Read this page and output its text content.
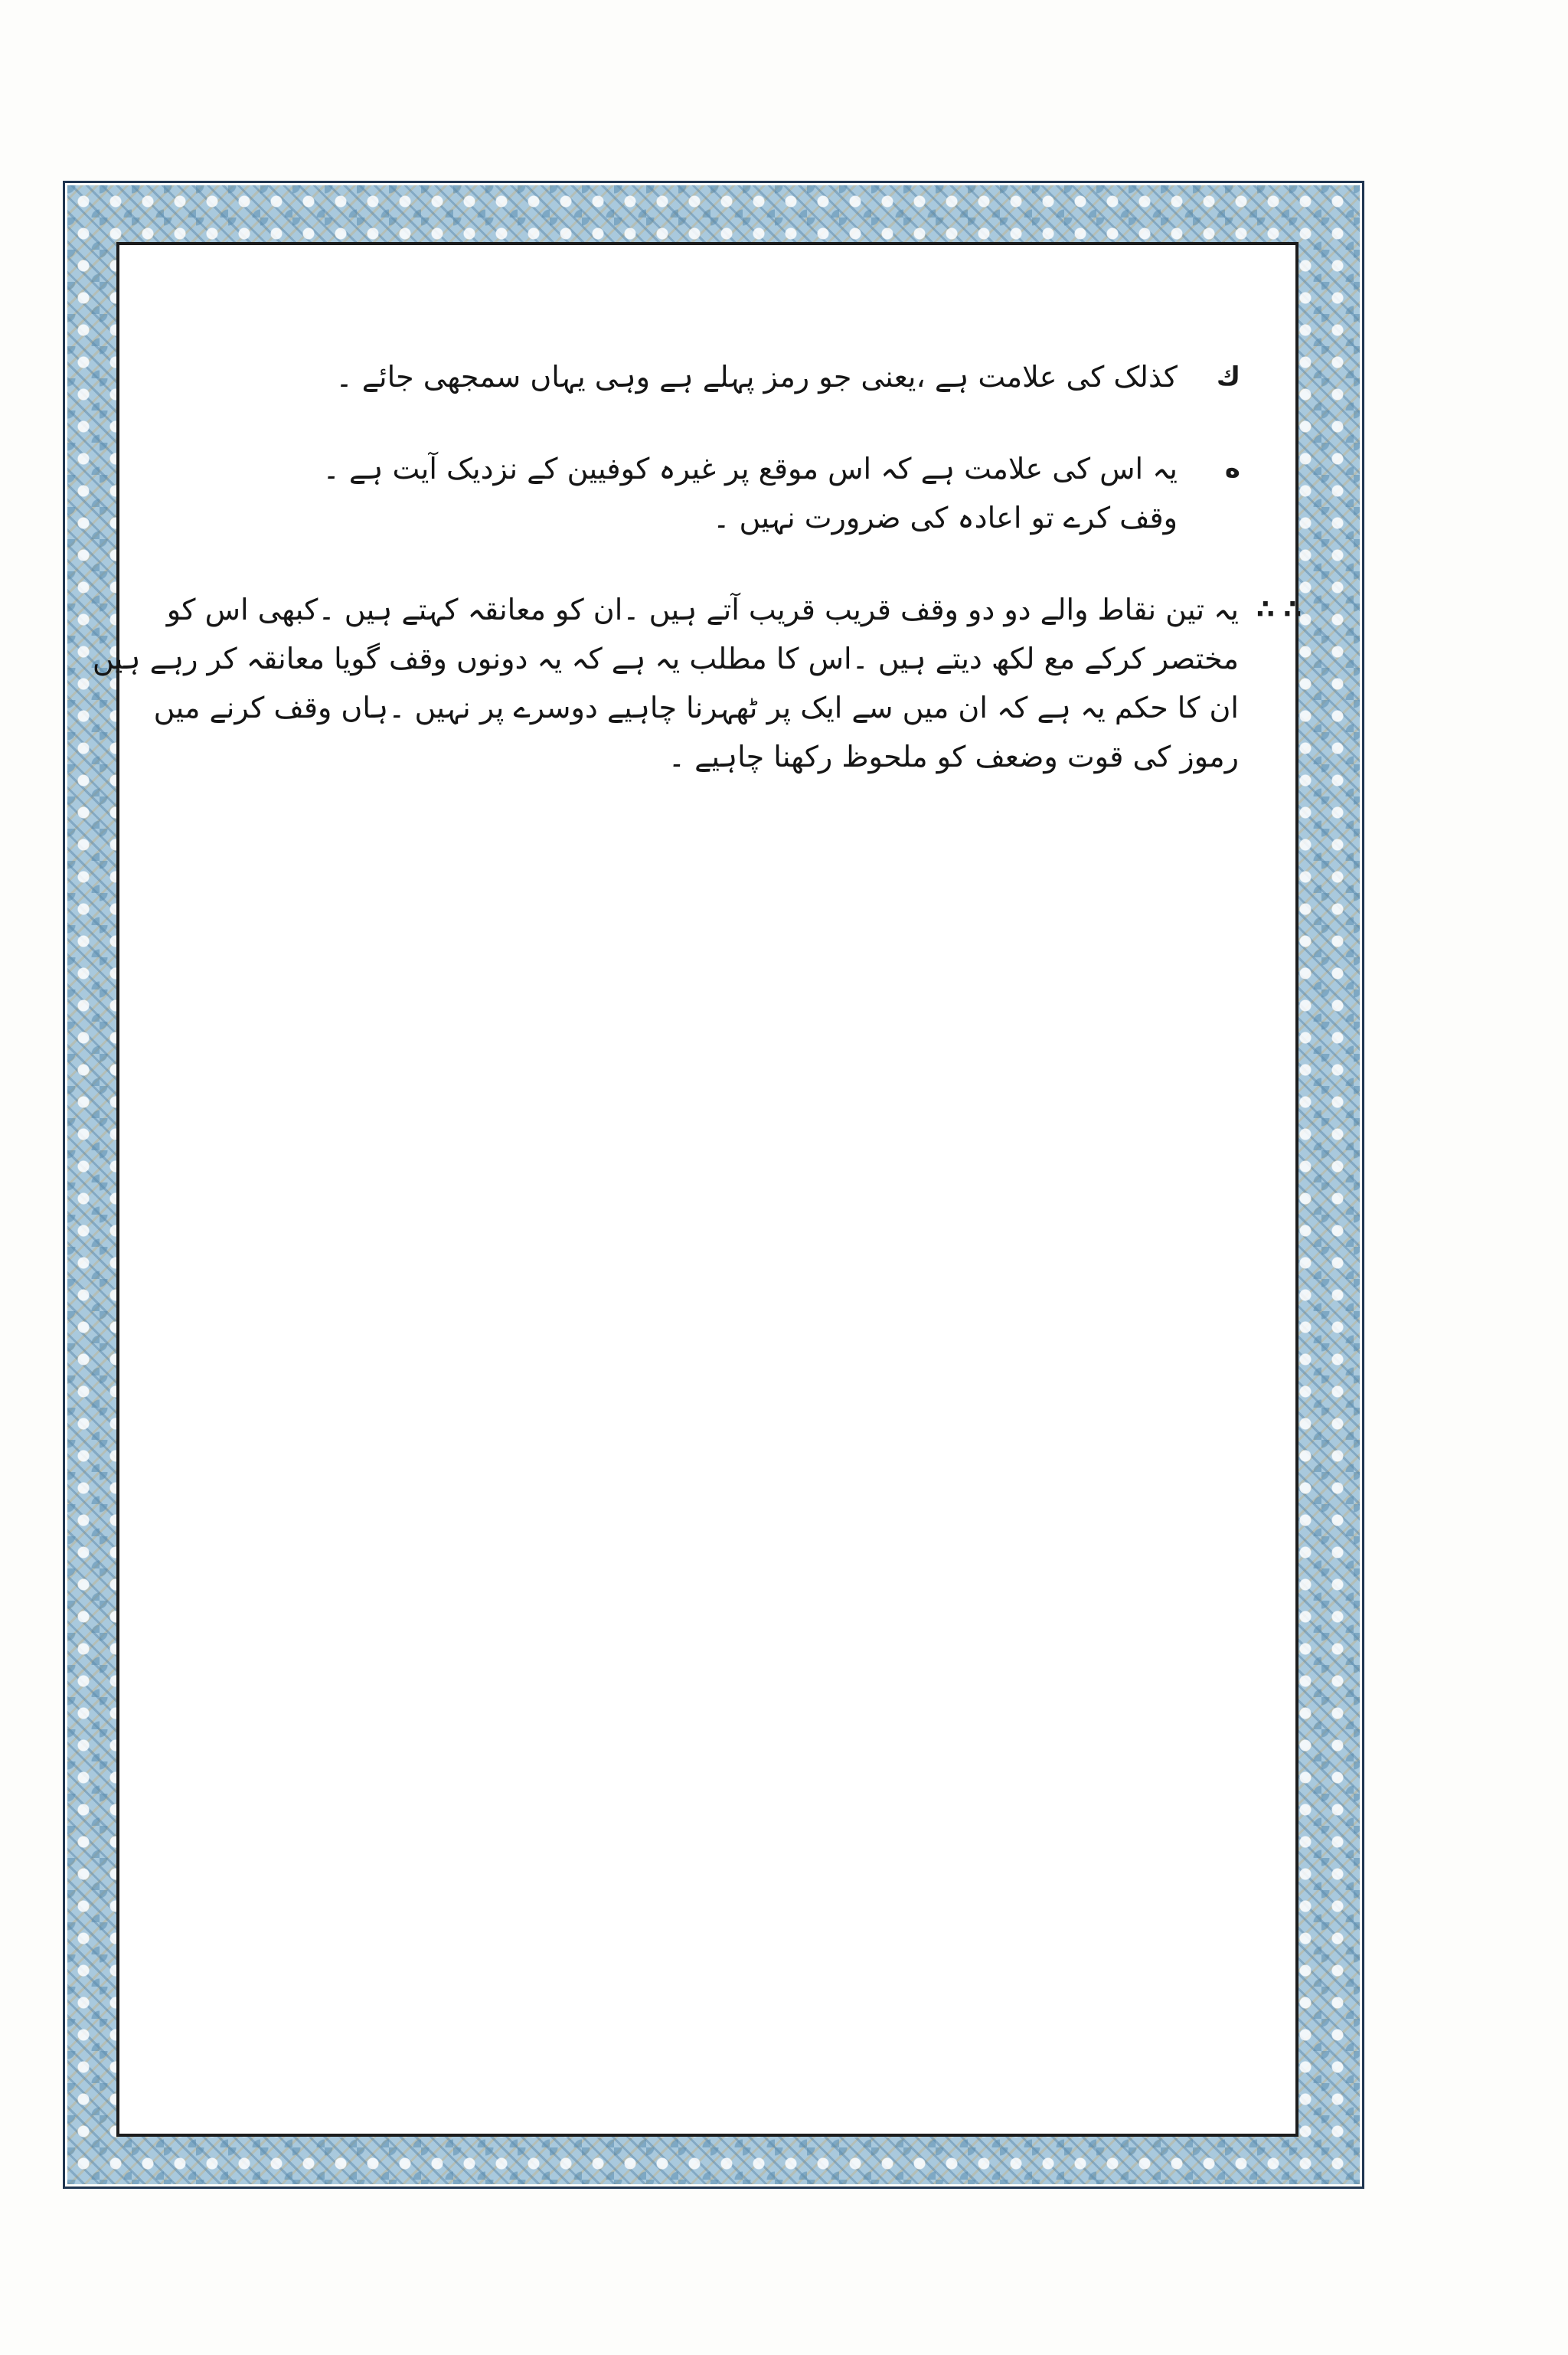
ك
کذلک کی علامت ہے ،یعنی جو رمز پہلے ہے وہی یہاں سمجھی جائے ۔
ه
یہ اس کی علامت ہے کہ اس موقع پر غیرہ کوفیین کے نزدیک آیت ہے ۔
وقف کرے تو اعادہ کی ضرورت نہیں ۔
∴ ∴
یہ تین نقاط والے دو دو وقف قریب قریب آتے ہیں ۔ان کو معانقہ کہتے ہیں ۔کبھی اس کو
مختصر کرکے مع لکھ دیتے ہیں ۔اس کا مطلب یہ ہے کہ یہ دونوں وقف گویا معانقہ کر رہے ہیں
ان کا حکم یہ ہے کہ ان میں سے ایک پر ٹھہرنا چاہیے دوسرے پر نہیں ۔ہاں وقف کرنے میں
رموز کی قوت وضعف کو ملحوظ رکھنا چاہیے ۔
